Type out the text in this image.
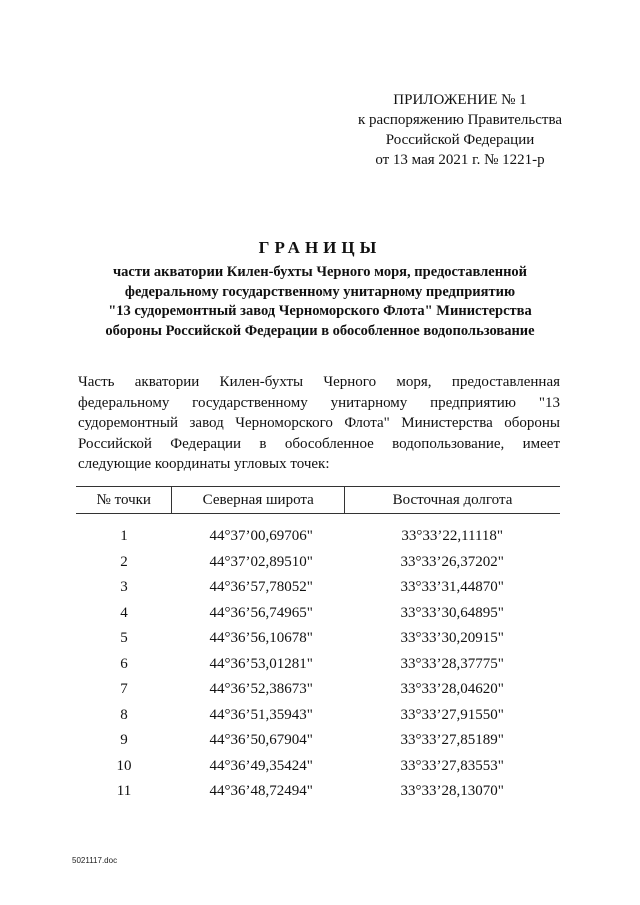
ПРИЛОЖЕНИЕ № 1
к распоряжению Правительства
Российской Федерации
от 13 мая 2021 г. № 1221-р
ГРАНИЦЫ
части акватории Килен-бухты Черного моря, предоставленной
федеральному государственному унитарному предприятию
"13 судоремонтный завод Черноморского Флота" Министерства
обороны Российской Федерации в обособленное водопользование
Часть акватории Килен-бухты Черного моря, предоставленная федеральному государственному унитарному предприятию "13 судоремонтный завод Черноморского Флота" Министерства обороны Российской Федерации в обособленное водопользование, имеет следующие координаты угловых точек:
№ точки	Северная широта	Восточная долгота

1	44°37’00,69706"	33°33’22,11118"
2	44°37’02,89510"	33°33’26,37202"
3	44°36’57,78052"	33°33’31,44870"
4	44°36’56,74965"	33°33’30,64895"
5	44°36’56,10678"	33°33’30,20915"
6	44°36’53,01281"	33°33’28,37775"
7	44°36’52,38673"	33°33’28,04620"
8	44°36’51,35943"	33°33’27,91550"
9	44°36’50,67904"	33°33’27,85189"
10	44°36’49,35424"	33°33’27,83553"
11	44°36’48,72494"	33°33’28,13070"
5021117.doc
